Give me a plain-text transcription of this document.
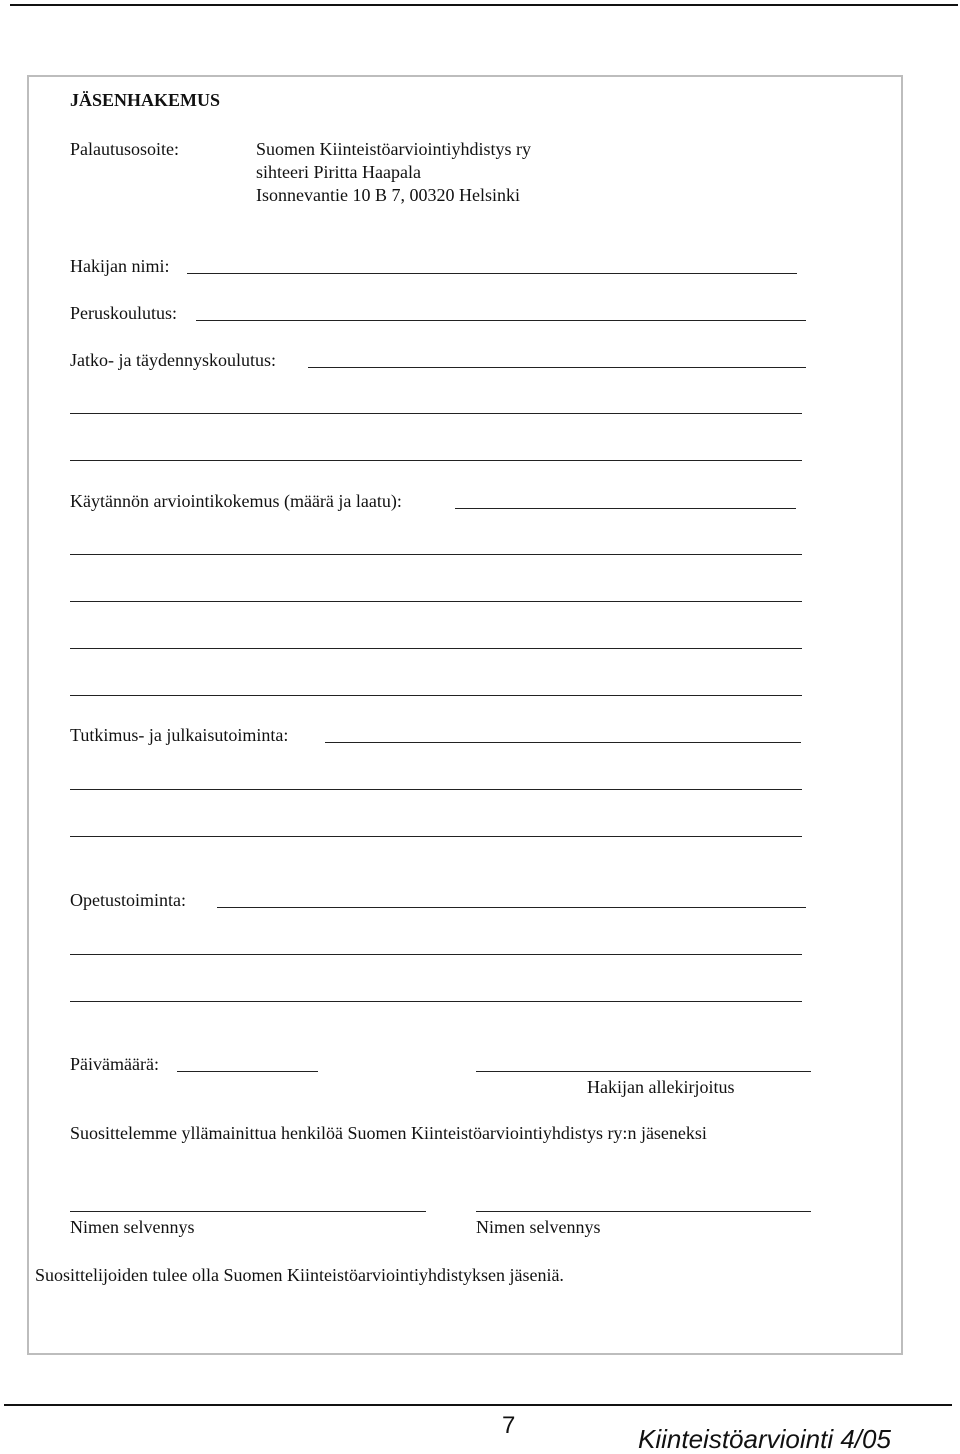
JÄSENHAKEMUS
Palautusosoite:	Suomen Kiinteistöarviointiyhdistys ry
sihteeri Piritta Haapala
Isonnevantie 10 B 7, 00320 Helsinki
Hakijan nimi:
Peruskoulutus:
Jatko- ja täydennyskoulutus:
Käytännön arviointikokemus (määrä ja laatu):
Tutkimus- ja julkaisutoiminta:
Opetustoiminta:
Päivämäärä:
Hakijan allekirjoitus
Suosittelemme yllämainittua henkilöä Suomen Kiinteistöarviointiyhdistys ry:n jäseneksi
Nimen selvennys	Nimen selvennys
Suosittelijoiden tulee olla Suomen Kiinteistöarviointiyhdistyksen jäseniä.
7	Kiinteistöarviointi 4/05
